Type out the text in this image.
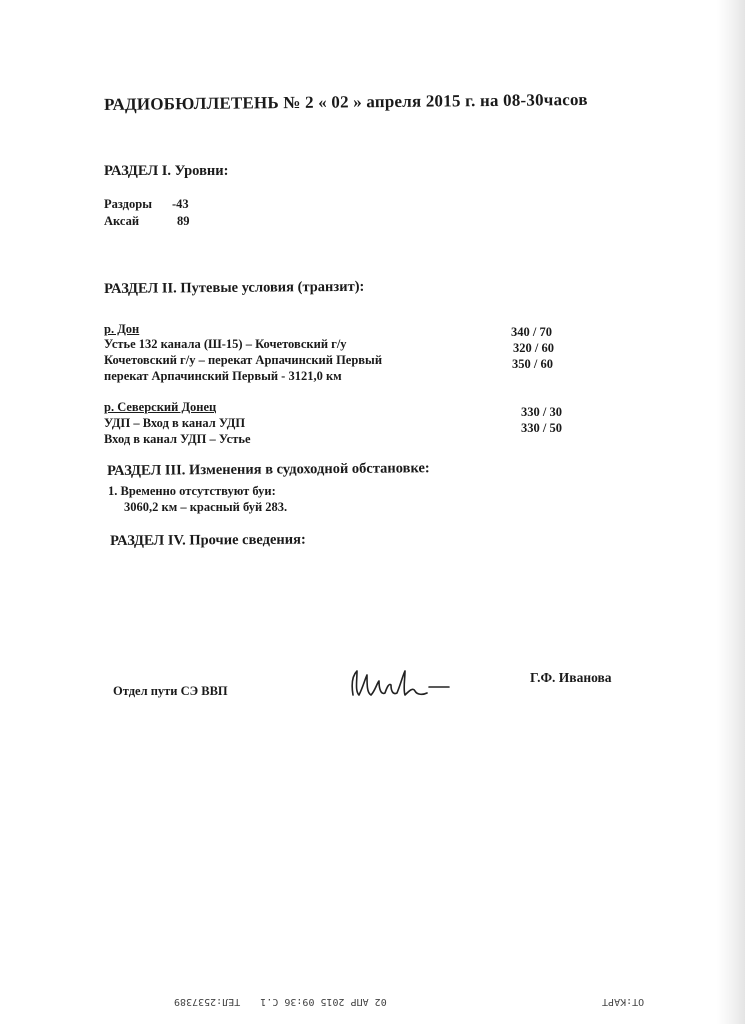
РАДИОБЮЛЛЕТЕНЬ № 2 « 02 » апреля 2015 г. на 08-30часов
РАЗДЕЛ I. Уровни:
Раздоры -43
Аксай	89
РАЗДЕЛ II. Путевые условия (транзит):
р. Дон
Устье 132 канала (Ш-15) – Кочетовский г/у
340 / 70
Кочетовский г/у – перекат Арпачинский Первый
320 / 60
перекат Арпачинский Первый - 3121,0 км
350 / 60
р. Северский Донец
УДП – Вход в канал УДП
330 / 30
Вход в канал УДП – Устье
330 / 50
РАЗДЕЛ III. Изменения в судоходной обстановке:
1. Временно отсутствуют буи:
3060,2 км – красный буй 283.
РАЗДЕЛ IV. Прочие сведения:
Отдел пути СЭ ВВП
Г.Ф. Иванова
02 АПР 2015 09:36 С.1 ТЕЛ:2537389	ОТ:КАРТ
